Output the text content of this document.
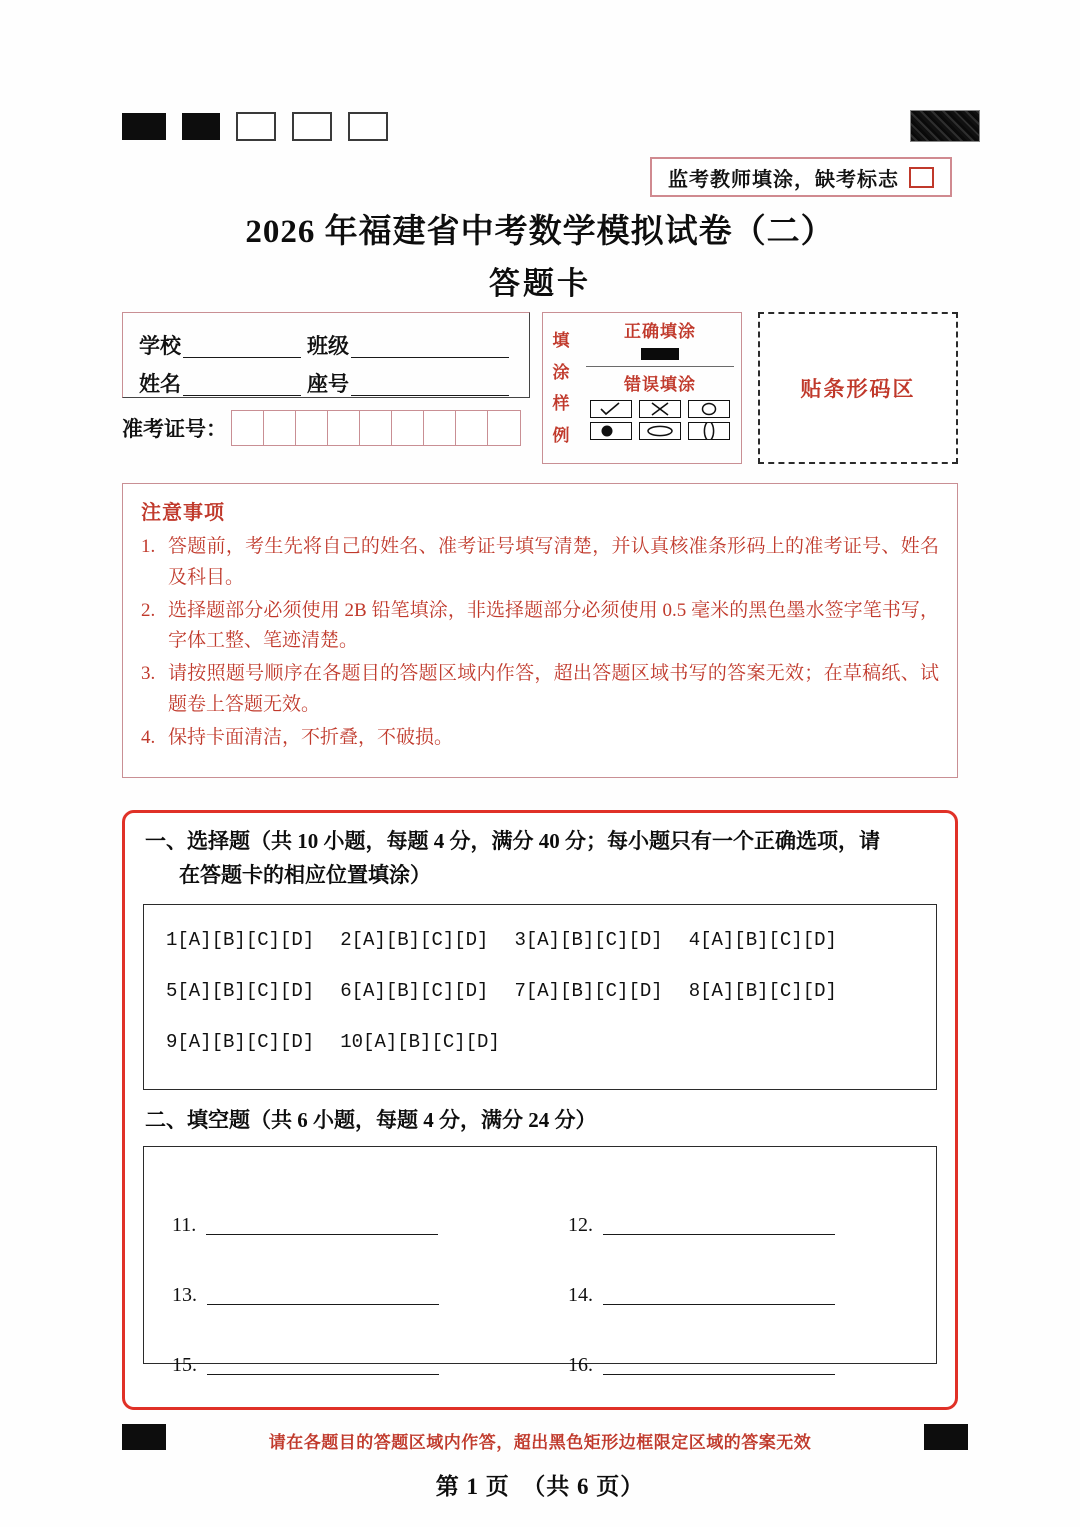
监考教师填涂，缺考标志
2026 年福建省中考数学模拟试卷（二）
答题卡
学校	班级
姓名	座号
准考证号：
填
涂
样
例
正确填涂
错误填涂	贴条形码区
注意事项
1. 答题前，考生先将自己的姓名、准考证号填写清楚，并认真核准条形码上的准考证号、姓名及科目。
2. 选择题部分必须使用 2B 铅笔填涂，非选择题部分必须使用 0.5 毫米的黑色墨水签字笔书写，字体工整、笔迹清楚。
3. 请按照题号顺序在各题目的答题区域内作答，超出答题区域书写的答案无效；在草稿纸、试题卷上答题无效。
4. 保持卡面清洁，不折叠，不破损。
一、选择题（共 10 小题，每题 4 分，满分 40 分；每小题只有一个正确选项，请
在答题卡的相应位置填涂）
1[A][B][C][D] 2[A][B][C][D] 3[A][B][C][D] 4[A][B][C][D]
5[A][B][C][D] 6[A][B][C][D] 7[A][B][C][D] 8[A][B][C][D]
9[A][B][C][D] 10[A][B][C][D]
二、填空题（共 6 小题，每题 4 分，满分 24 分）
11.	12.
13.	14.
15.	16.
请在各题目的答题区域内作答，超出黑色矩形边框限定区域的答案无效
第 1 页　（共 6 页）
